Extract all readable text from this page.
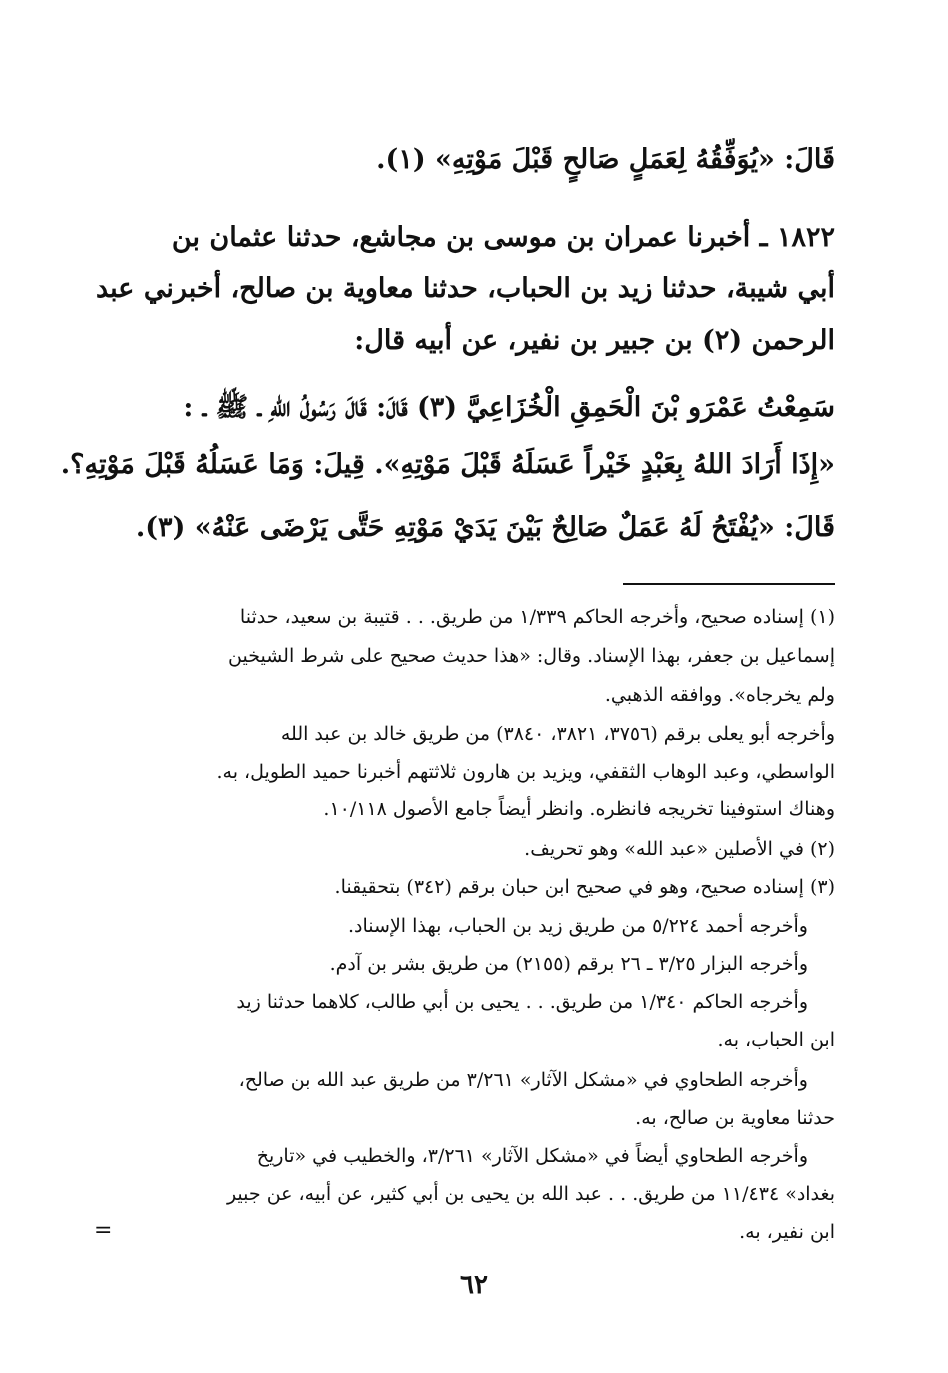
قَالَ: «يُوَفِّقُهُ لِعَمَلٍ صَالحٍ قَبْلَ مَوْتِهِ» (١).

١٨٢٢ ـ أخبرنا عمران بن موسى بن مجاشع، حدثنا عثمان بن

أبي شيبة، حدثنا زيد بن الحباب، حدثنا معاوية بن صالح، أخبرني عبد

الرحمن (٢) بن جبير بن نفير، عن أبيه قال:

سَمِعْتُ عَمْرَو بْنَ الْحَمِقِ الْخُزَاعِيَّ (٣) قَالَ: قَالَ رَسُولُ اللهِ ـ ﷺ ـ :

«إِذَا أَرَادَ اللهُ بِعَبْدٍ خَيْراً عَسَلَهُ قَبْلَ مَوْتِهِ». قِيلَ: وَمَا عَسَلُهُ قَبْلَ مَوْتِهِ؟.

قَالَ: «يُفْتَحُ لَهُ عَمَلٌ صَالِحٌ بَيْنَ يَدَيْ مَوْتِهِ حَتَّى يَرْضَى عَنْهُ» (٣).

(١) إسناده صحيح، وأخرجه الحاكم ١/٣٣٩ من طريق. . . قتيبة بن سعيد، حدثنا

إسماعيل بن جعفر، بهذا الإسناد. وقال: «هذا حديث صحيح على شرط الشيخين

ولم يخرجاه». ووافقه الذهبي.

وأخرجه أبو يعلى برقم (٣٧٥٦، ٣٨٢١، ٣٨٤٠) من طريق خالد بن عبد الله

الواسطي، وعبد الوهاب الثقفي، ويزيد بن هارون ثلاثتهم أخبرنا حميد الطويل، به.

وهناك استوفينا تخريجه فانظره. وانظر أيضاً جامع الأصول ١٠/١١٨.

(٢) في الأصلين «عبد الله» وهو تحريف.

(٣) إسناده صحيح، وهو في صحيح ابن حبان برقم (٣٤٢) بتحقيقنا.

وأخرجه أحمد ٥/٢٢٤ من طريق زيد بن الحباب، بهذا الإسناد.

وأخرجه البزار ٣/٢٥ ـ ٢٦ برقم (٢١٥٥) من طريق بشر بن آدم.

وأخرجه الحاكم ١/٣٤٠ من طريق. . . يحيى بن أبي طالب، كلاهما حدثنا زيد

ابن الحباب، به.

وأخرجه الطحاوي في «مشكل الآثار» ٣/٢٦١ من طريق عبد الله بن صالح،

حدثنا معاوية بن صالح، به.

وأخرجه الطحاوي أيضاً في «مشكل الآثار» ٣/٢٦١، والخطيب في «تاريخ

بغداد» ١١/٤٣٤ من طريق. . . عبد الله بن يحيى بن أبي كثير، عن أبيه، عن جبير

ابن نفير، به.

=
٦٢
